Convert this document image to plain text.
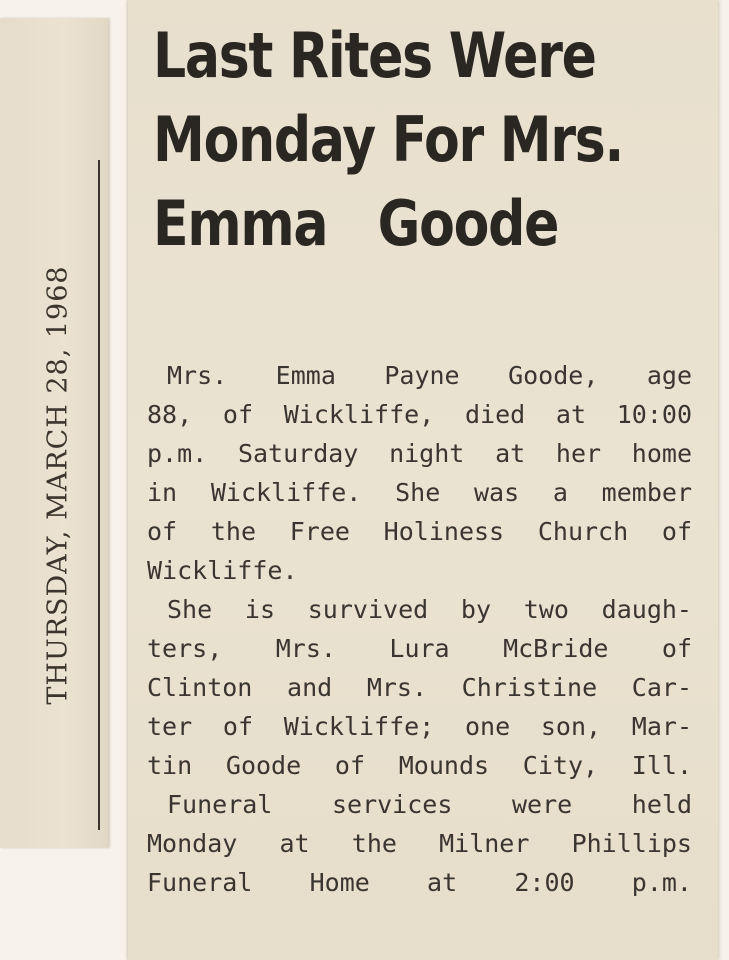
THURSDAY, MARCH 28, 1968
Last Rites Were
Monday For Mrs.
Emma Goode
Mrs. Emma Payne Goode, age
88, of Wickliffe, died at 10:00
p.m. Saturday night at her home
in Wickliffe. She was a member
of the Free Holiness Church of
Wickliffe.
She is survived by two daugh-
ters, Mrs. Lura McBride of
Clinton and Mrs. Christine Car-
ter of Wickliffe; one son, Mar-
tin Goode of Mounds City, Ill.
Funeral services were held
Monday at the Milner Phillips
Funeral Home at 2:00 p.m.
